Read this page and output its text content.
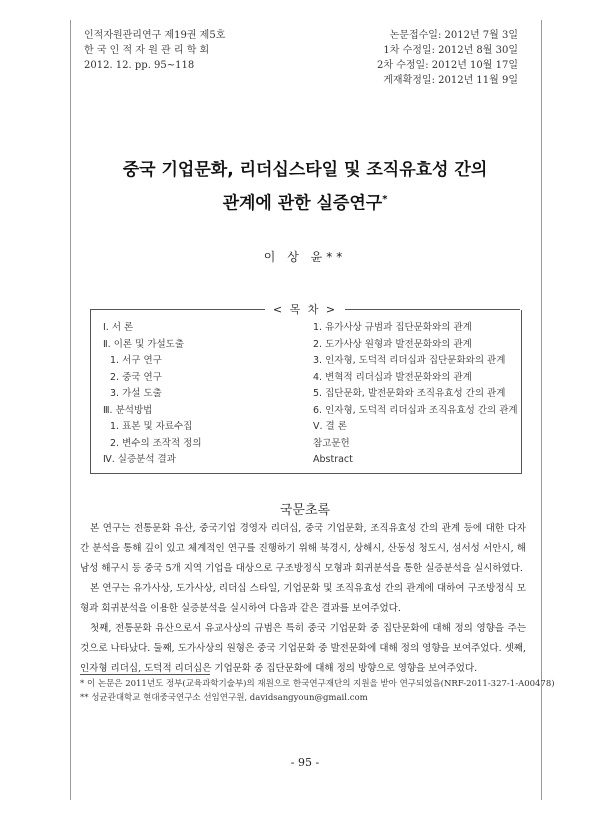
인적자원관리연구 제19권 제5호
한 국 인 적 자 원 관 리 학 회
2012. 12. pp. 95~118
논문접수일: 2012년 7월 3일
1차 수정일: 2012년 8월 30일
2차 수정일: 2012년 10월 17일
게재확정일: 2012년 11월 9일
중국 기업문화, 리더십스타일 및 조직유효성 간의
관계에 관한 실증연구*
이 상 윤**
< 목 차 >
Ⅰ. 서 론
Ⅱ. 이론 및 가설도출
1. 서구 연구
2. 중국 연구
3. 가설 도출
Ⅲ. 분석방법
1. 표본 및 자료수집
2. 변수의 조작적 정의
Ⅳ. 실증분석 결과
1. 유가사상 규범과 집단문화와의 관계
2. 도가사상 원형과 발전문화와의 관계
3. 인자형, 도덕적 리더십과 집단문화와의 관계
4. 변혁적 리더십과 발전문화와의 관계
5. 집단문화, 발전문화와 조직유효성 간의 관계
6. 인자형, 도덕적 리더십과 조직유효성 간의 관계
Ⅴ. 결 론
참고문헌
Abstract
국문초록

본 연구는 전통문화 유산, 중국기업 경영자 리더십, 중국 기업문화, 조직유효성 간의 관계 등에 대한 다자간 분석을 통해 깊이 있고 체계적인 연구를 진행하기 위해 북경시, 상해시, 산동성 청도시, 섬서성 서안시, 해남성 해구시 등 중국 5개 지역 기업을 대상으로 구조방정식 모형과 회귀분석을 통한 실증분석을 실시하였다.

본 연구는 유가사상, 도가사상, 리더십 스타일, 기업문화 및 조직유효성 간의 관계에 대하여 구조방정식 모형과 회귀분석을 이용한 실증분석을 실시하여 다음과 같은 결과를 보여주었다.

첫째, 전통문화 유산으로서 유교사상의 규범은 특히 중국 기업문화 중 집단문화에 대해 정의 영향을 주는 것으로 나타났다. 둘째, 도가사상의 원형은 중국 기업문화 중 발전문화에 대해 정의 영향을 보여주었다. 셋째, 인자형 리더십, 도덕적 리더십은 기업문화 중 집단문화에 대해 정의 방향으로 영향을 보여주었다.

* 이 논문은 2011년도 정부(교육과학기술부)의 재원으로 한국연구재단의 지원을 받아 연구되었음(NRF-2011-327-1-A00478)
** 성균관대학교 현대중국연구소 선임연구원, davidsangyoun@gmail.com
- 95 -
